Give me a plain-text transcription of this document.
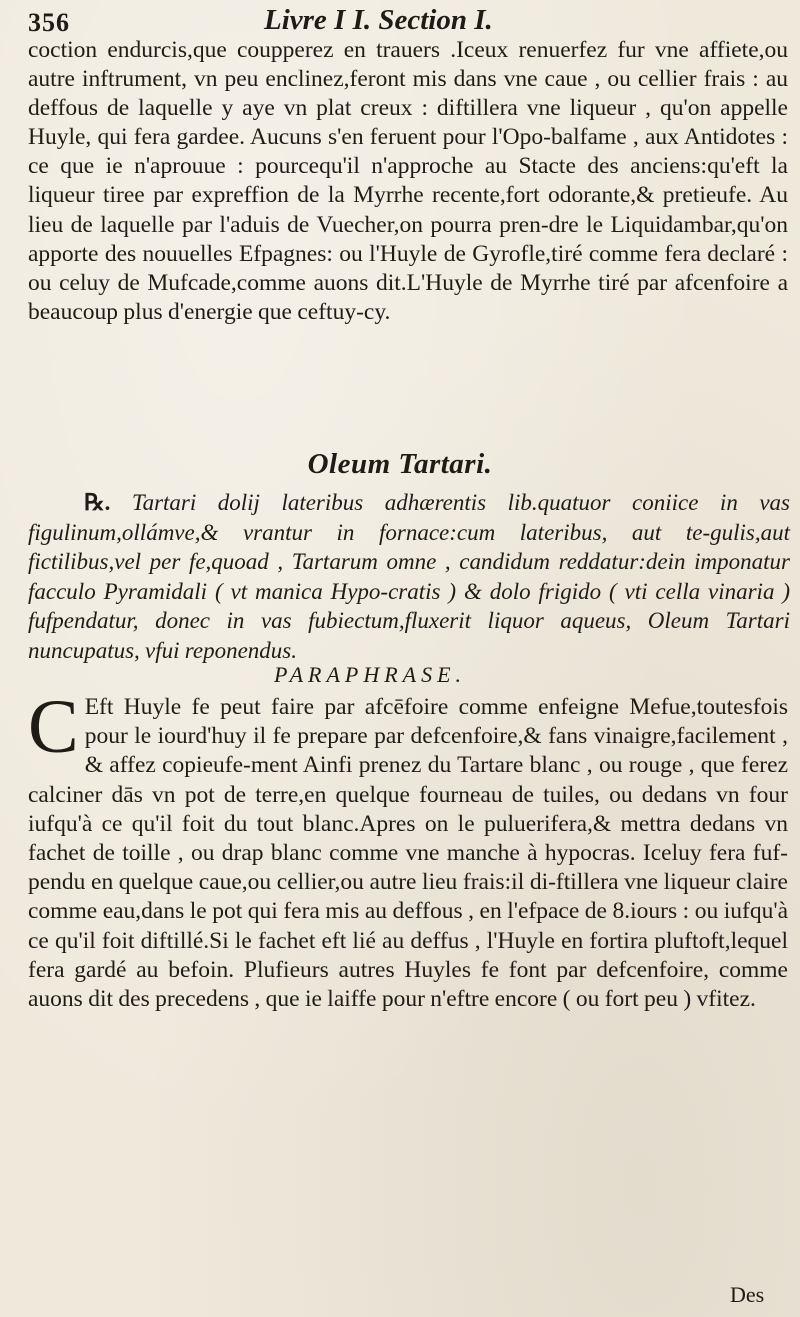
356	Livre I I. Section I.

coction endurcis,que coupperez en trauers .Iceux renuerfez fur vne affiete,ou autre inftrument, vn peu enclinez,feront mis dans vne caue , ou cellier frais : au deffous de laquelle y aye vn plat creux : diftillera vne liqueur , qu'on appelle Huyle, qui fera gardee. Aucuns s'en feruent pour l'Opo-balfame , aux Antidotes : ce que ie n'aprouue : pourcequ'il n'approche au Stacte des anciens:qu'eft la liqueur tiree par expreffion de la Myrrhe recente,fort odorante,& pretieufe. Au lieu de laquelle par l'aduis de Vuecher,on pourra pren-dre le Liquidambar,qu'on apporte des nouuelles Efpagnes: ou l'Huyle de Gyrofle,tiré comme fera declaré : ou celuy de Mufcade,comme auons dit.L'Huyle de Myrrhe tiré par afcenfoire a beaucoup plus d'energie que ceftuy-cy.

Oleum Tartari.

℞. Tartari dolij lateribus adhærentis lib.quatuor coniice in vas figulinum,ollámve,& vrantur in fornace:cum lateribus, aut te-gulis,aut fictilibus,vel per fe,quoad , Tartarum omne , candidum reddatur:dein imponatur facculo Pyramidali ( vt manica Hypo-cratis ) & dolo frigido ( vti cella vinaria ) fufpendatur, donec in vas fubiectum,fluxerit liquor aqueus, Oleum Tartari nuncupatus, vfui reponendus.

PARAPHRASE.

C Eft Huyle fe peut faire par afcēfoire comme enfeigne Mefue,toutesfois pour le iourd'huy il fe prepare par defcenfoire,& fans vinaigre,facilement , & affez copieufe-ment Ainfi prenez du Tartare blanc , ou rouge , que ferez calciner dās vn pot de terre,en quelque fourneau de tuiles, ou dedans vn four iufqu'à ce qu'il foit du tout blanc.Apres on le puluerifera,& mettra dedans vn fachet de toille , ou drap blanc comme vne manche à hypocras. Iceluy fera fuf-pendu en quelque caue,ou cellier,ou autre lieu frais:il di-ftillera vne liqueur claire comme eau,dans le pot qui fera mis au deffous , en l'efpace de 8.iours : ou iufqu'à ce qu'il foit diftillé.Si le fachet eft lié au deffus , l'Huyle en fortira pluftoft,lequel fera gardé au befoin. Plufieurs autres Huyles fe font par defcenfoire, comme auons dit des precedens , que ie laiffe pour n'eftre encore ( ou fort peu ) vfitez.

Des
